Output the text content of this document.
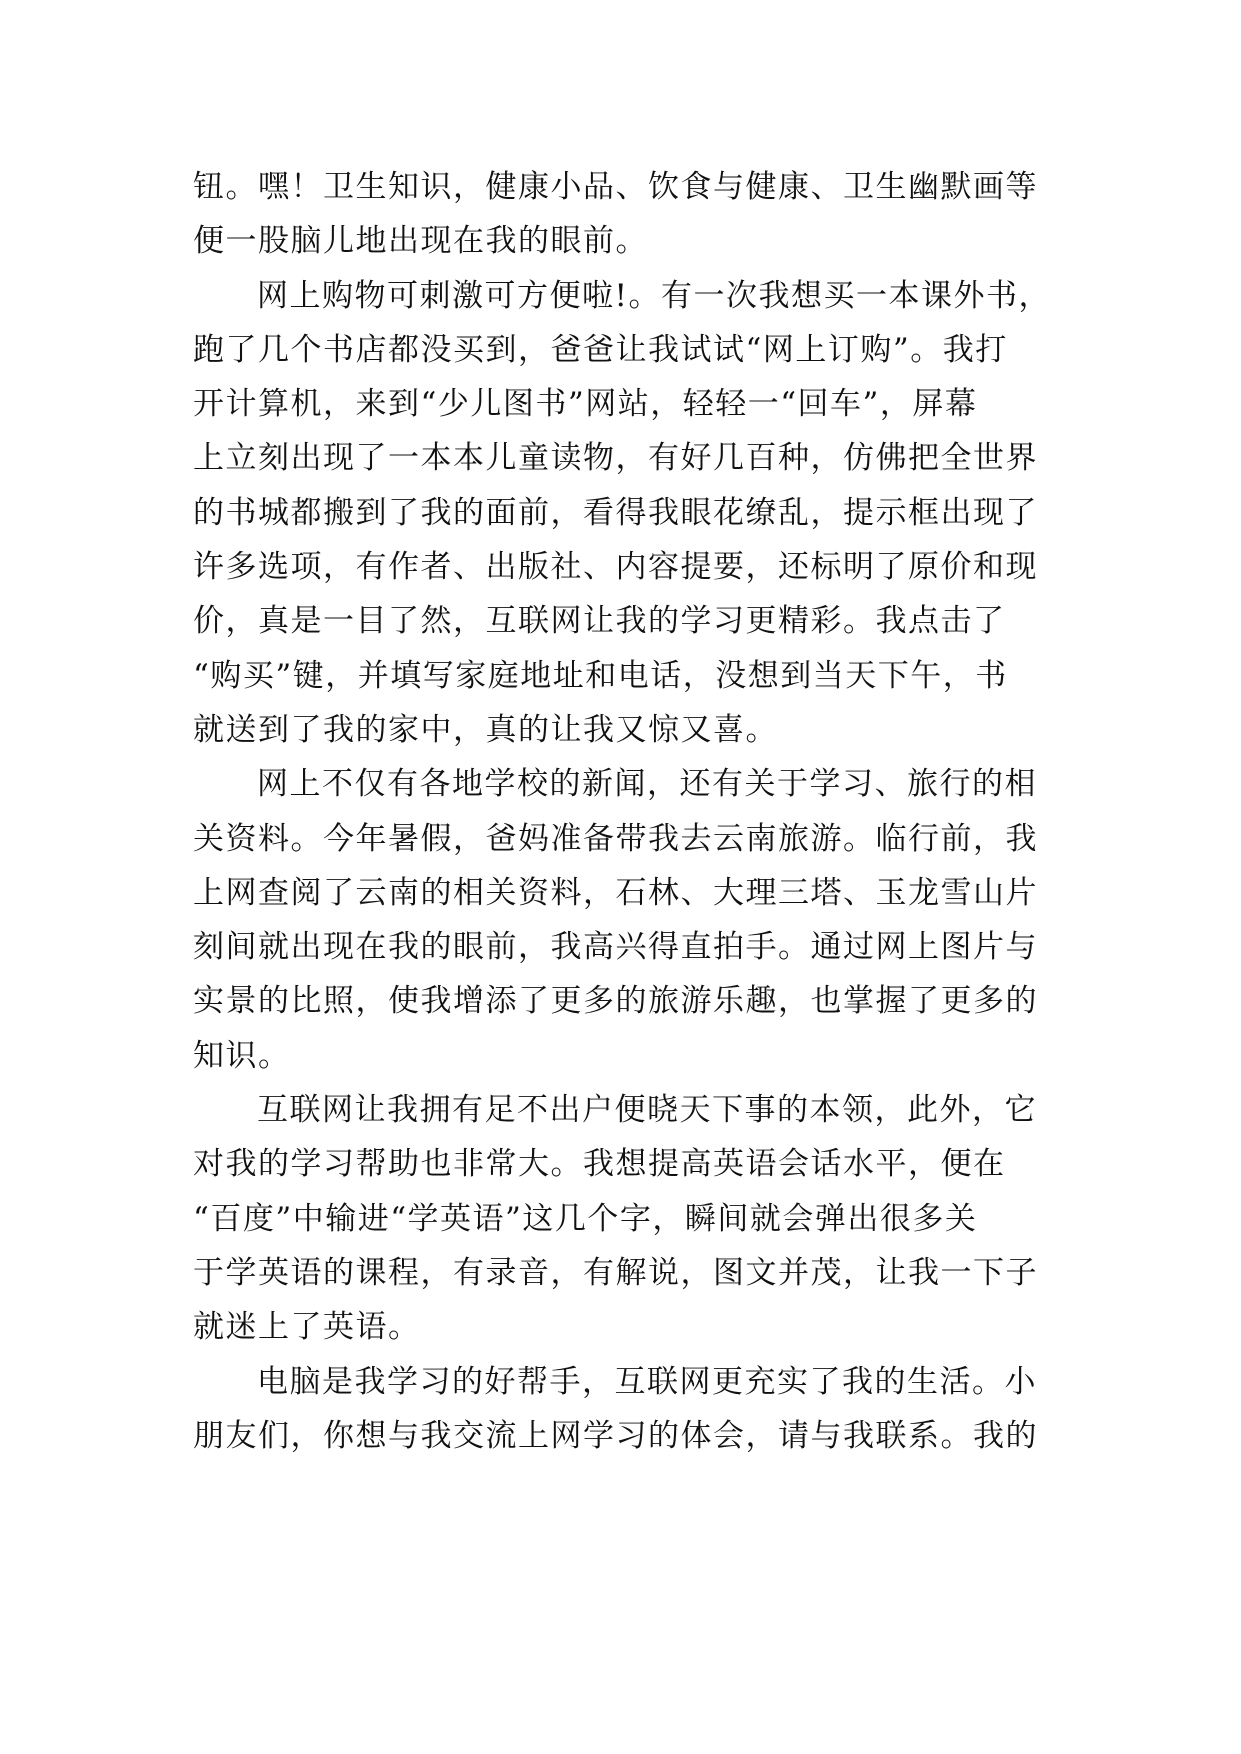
钮。嘿！卫生知识，健康小品、饮食与健康、卫生幽默画等
便一股脑儿地出现在我的眼前。
网上购物可刺激可方便啦!。有一次我想买一本课外书，
跑了几个书店都没买到，爸爸让我试试“网上订购”。我打
开计算机，来到“少儿图书”网站，轻轻一“回车”，屏幕
上立刻出现了一本本儿童读物，有好几百种，仿佛把全世界
的书城都搬到了我的面前，看得我眼花缭乱，提示框出现了
许多选项，有作者、出版社、内容提要，还标明了原价和现
价，真是一目了然，互联网让我的学习更精彩。我点击了
“购买”键，并填写家庭地址和电话，没想到当天下午，书
就送到了我的家中，真的让我又惊又喜。
网上不仅有各地学校的新闻，还有关于学习、旅行的相
关资料。今年暑假，爸妈准备带我去云南旅游。临行前，我
上网查阅了云南的相关资料，石林、大理三塔、玉龙雪山片
刻间就出现在我的眼前，我高兴得直拍手。通过网上图片与
实景的比照，使我增添了更多的旅游乐趣，也掌握了更多的
知识。
互联网让我拥有足不出户便晓天下事的本领，此外，它
对我的学习帮助也非常大。我想提高英语会话水平，便在
“百度”中输进“学英语”这几个字，瞬间就会弹出很多关
于学英语的课程，有录音，有解说，图文并茂，让我一下子
就迷上了英语。
电脑是我学习的好帮手，互联网更充实了我的生活。小
朋友们，你想与我交流上网学习的体会，请与我联系。我的
